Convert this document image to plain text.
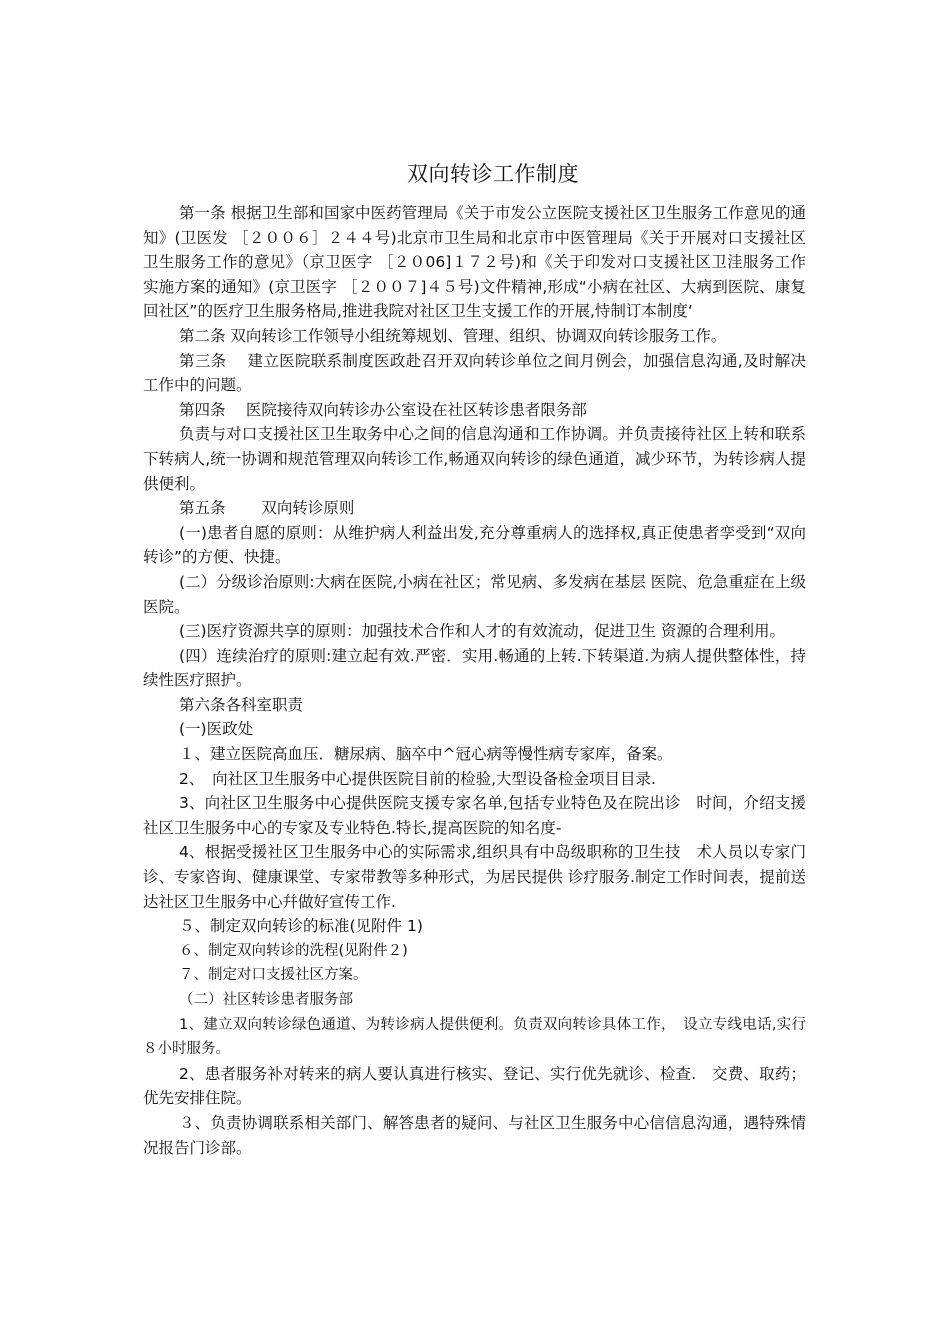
双向转诊工作制度

第一条 根据卫生部和国家中医药管理局《关于巿发公立医院支援社区卫生服务工作意见的通知》(卫医发 ［２００６］２４４号)北京市卫生局和北京市中医管理局《关于开展对口支援社区卫生服务工作的意见》（京卫医字 ［２０06]１７２号)和《关于印发对口支援社区卫洼服务工作实施方案的通知》(京卫医字 ［２００７]４５号)文件精神,形成“小病在社区、大病到医院、康复回社区”的医疗卫生服务格局,推进我院对社区卫生支援工作的开展,恃制订本制度‘

第二条 双向转诊工作领导小组统筹规划、管理、组织、协调双向转诊服务工作。

第三条 　建立医院联系制度医政赴召开双向转诊单位之间月例会，加强信息沟通,及时解决工作中的问题。

第四条 　医院接待双向转诊办公室设在社区转诊患者限务部

负责与对口支援社区卫生取务中心之间的信息沟通和工作协调。并负责接待社区上转和联系下转病人,统一协调和规范管理双向转诊工作,畅通双向转诊的绿色通道，减少环节，为转诊病人提供便利。

第五条 　　双向转诊原则

(一)患者自愿的原则：从维护病人利益出发,充分尊重病人的选择权,真正使患者孪受到“双向转诊”的方便、快捷。

(二）分级诊治原则:大病在医院,小病在社区；常见病、多发病在基层 医院、危急重症在上级医院。

(三)医疗资源共享的原则：加强技术合作和人才的有效流动，促进卫生 资源的合理利用。

(四）连续治疗的原则:建立起有效.严密．实用.畅通的上转.下转渠道.为病人提供整体性，持续性医疗照护。

第六条各科室职责

(一)医政处

１、建立医院高血压．糖尿病、脑卒中^冠心病等慢性病专家库，备案。

2、　向社区卫生服务中心提供医院目前的检验,大型设备检金项目目录.

3、向社区卫生服务中心提供医院支援专家名单,包括专业特色及在院出诊　时间，介绍支援社区卫生服务中心的专家及专业特色.特长,提高医院的知名度-

4、根据受援社区卫生服务中心的实际需求,组织具有中岛级职称的卫生技　术人员以专家门诊、专家咨询、健康课堂、专家带教等多种形式，为居民提供 诊疗服务.制定工作时间表，提前送达社区卫生服务中心幷做好宣传工作.

５、制定双向转诊的标准(见附件 1)

６、制定双向转诊的洗程(见附件２)

７、制定对口支援社区方案。

（二）社区转诊患者服务部

1、建立双向转诊绿色通道、为转诊病人提供便利。负责双向转诊具体工作，　设立专线电话,实行８小时服务。

2、患者服务补对转来的病人要认真进行核实、登记、实行优先就诊、检查.　交费、取药；优先安排住院。

３、负责协调联系相关部门、解答患者的疑问、与社区卫生服务中心信信息沟通，遇特殊情况报告门诊部。
